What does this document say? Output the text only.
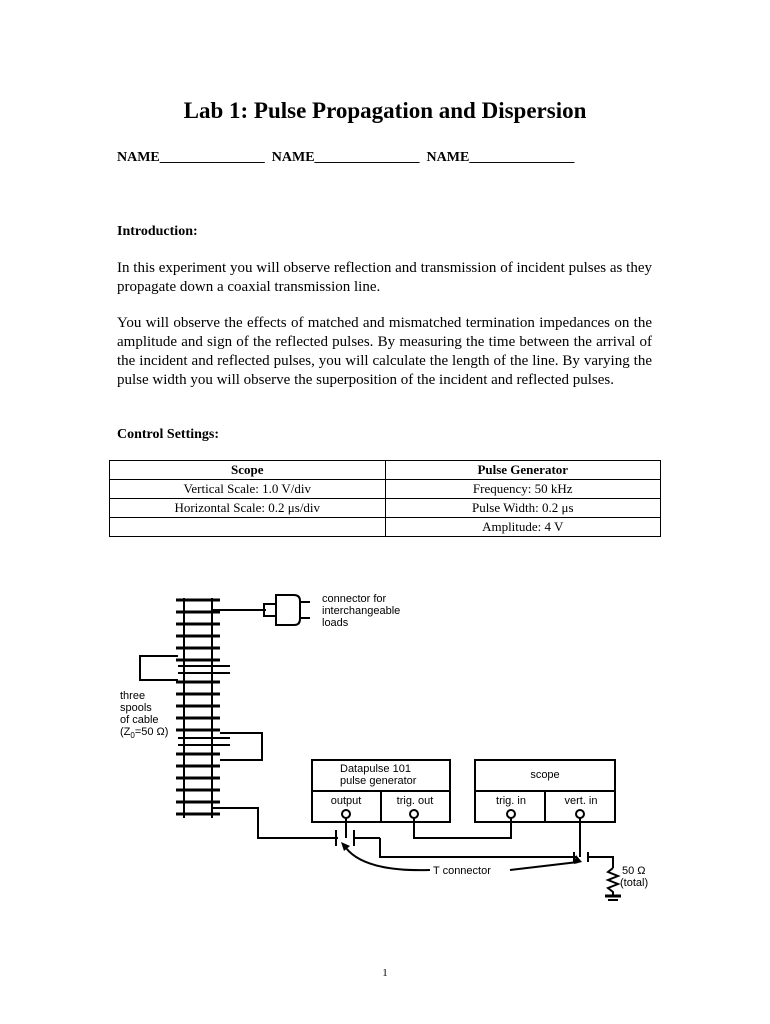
Lab 1: Pulse Propagation and Dispersion
NAME_______________  NAME_______________  NAME_______________
Introduction:
In this experiment you will observe reflection and transmission of incident pulses as they propagate down a coaxial transmission line.
You will observe the effects of matched and mismatched termination impedances on the amplitude and sign of the reflected pulses. By measuring the time between the arrival of the incident and reflected pulses, you will calculate the length of the line. By varying the pulse width you will observe the superposition of the incident and reflected pulses.
Control Settings:
Scope	Pulse Generator
Vertical Scale: 1.0 V/div	Frequency: 50 kHz
Horizontal Scale: 0.2 μs/div	Pulse Width: 0.2 μs
	Amplitude: 4 V
connector for
interchangeable
loads
three
spools
of cable
($Z_0=50$ Ω)
Datapulse 101
pulse generator
output	trig. out
scope
trig. in	vert. in
T connector	50 Ω
(total)
1
